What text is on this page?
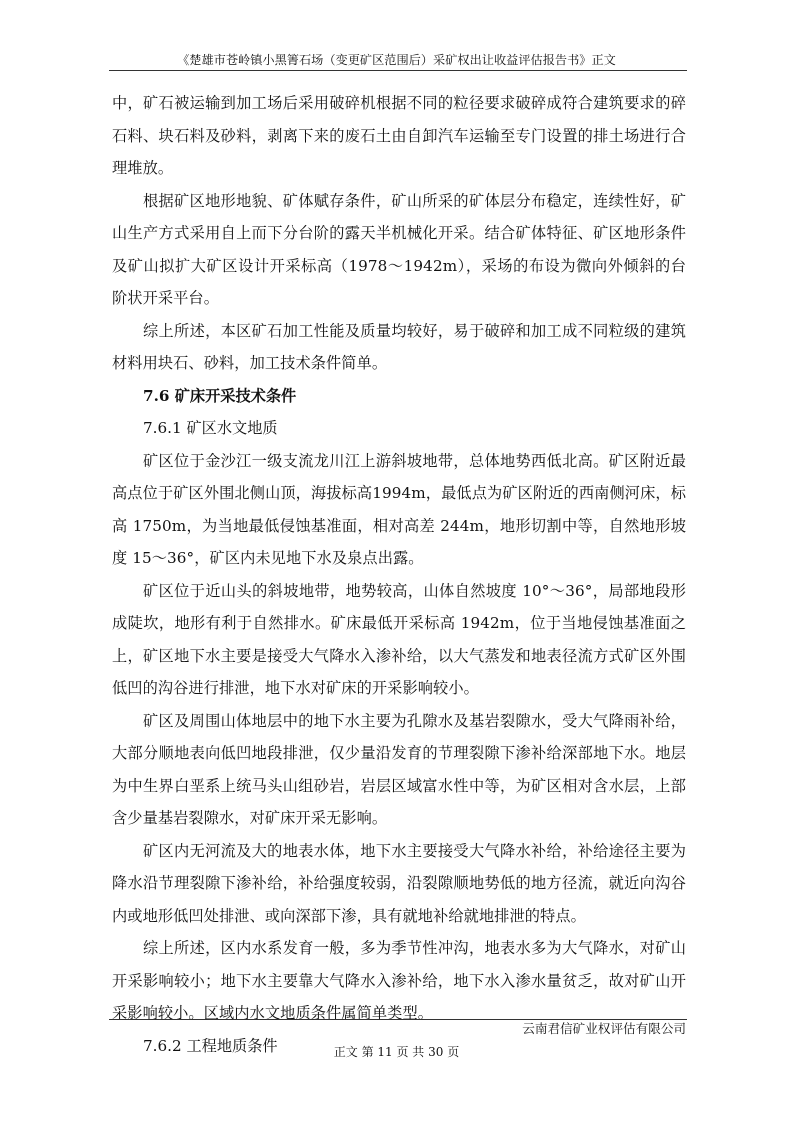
《楚雄市苍岭镇小黑箐石场（变更矿区范围后）采矿权出让收益评估报告书》正文

中，矿石被运输到加工场后采用破碎机根据不同的粒径要求破碎成符合建筑要求的碎石料、块石料及砂料，剥离下来的废石土由自卸汽车运输至专门设置的排土场进行合理堆放。

根据矿区地形地貌、矿体赋存条件，矿山所采的矿体层分布稳定，连续性好，矿山生产方式采用自上而下分台阶的露天半机械化开采。结合矿体特征、矿区地形条件及矿山拟扩大矿区设计开采标高（1978～1942m），采场的布设为微向外倾斜的台阶状开采平台。

综上所述，本区矿石加工性能及质量均较好，易于破碎和加工成不同粒级的建筑材料用块石、砂料，加工技术条件简单。

7.6 矿床开采技术条件

7.6.1 矿区水文地质

矿区位于金沙江一级支流龙川江上游斜坡地带，总体地势西低北高。矿区附近最高点位于矿区外围北侧山顶，海拔标高1994m，最低点为矿区附近的西南侧河床，标高 1750m，为当地最低侵蚀基准面，相对高差 244m，地形切割中等，自然地形坡度 15～36°，矿区内未见地下水及泉点出露。

矿区位于近山头的斜坡地带，地势较高，山体自然坡度 10°～36°，局部地段形成陡坎，地形有利于自然排水。矿床最低开采标高 1942m，位于当地侵蚀基准面之上，矿区地下水主要是接受大气降水入渗补给，以大气蒸发和地表径流方式矿区外围低凹的沟谷进行排泄，地下水对矿床的开采影响较小。

矿区及周围山体地层中的地下水主要为孔隙水及基岩裂隙水，受大气降雨补给，大部分顺地表向低凹地段排泄，仅少量沿发育的节理裂隙下渗补给深部地下水。地层为中生界白垩系上统马头山组砂岩，岩层区域富水性中等，为矿区相对含水层，上部含少量基岩裂隙水，对矿床开采无影响。

矿区内无河流及大的地表水体，地下水主要接受大气降水补给，补给途径主要为降水沿节理裂隙下渗补给，补给强度较弱，沿裂隙顺地势低的地方径流，就近向沟谷内或地形低凹处排泄、或向深部下渗，具有就地补给就地排泄的特点。

综上所述，区内水系发育一般，多为季节性冲沟，地表水多为大气降水，对矿山开采影响较小；地下水主要靠大气降水入渗补给，地下水入渗水量贫乏，故对矿山开采影响较小。区域内水文地质条件属简单类型。

7.6.2 工程地质条件

云南君信矿业权评估有限公司
正文 第 11 页 共 30 页
